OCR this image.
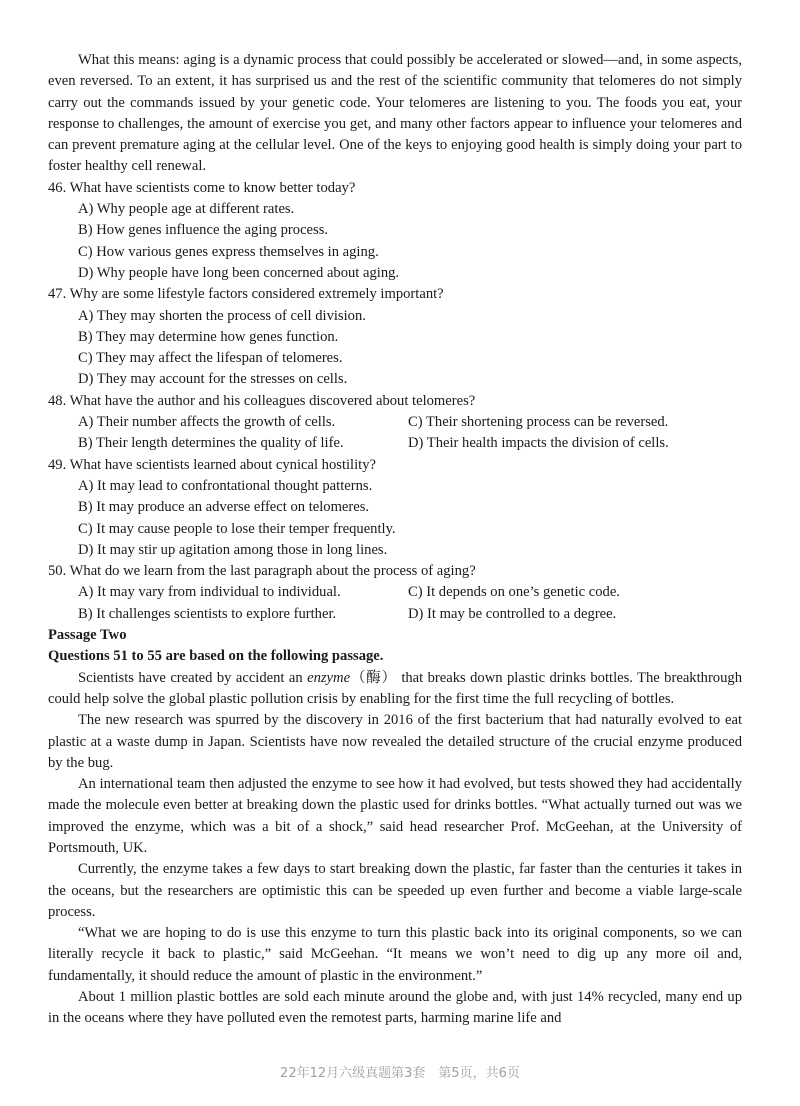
What this means: aging is a dynamic process that could possibly be accelerated or slowed—and, in some aspects, even reversed. To an extent, it has surprised us and the rest of the scientific community that telomeres do not simply carry out the commands issued by your genetic code. Your telomeres are listening to you. The foods you eat, your response to challenges, the amount of exercise you get, and many other factors appear to influence your telomeres and can prevent premature aging at the cellular level. One of the keys to enjoying good health is simply doing your part to foster healthy cell renewal.

46. What have scientists come to know better today?

A) Why people age at different rates.

B) How genes influence the aging process.

C) How various genes express themselves in aging.

D) Why people have long been concerned about aging.

47. Why are some lifestyle factors considered extremely important?

A) They may shorten the process of cell division.

B) They may determine how genes function.

C) They may affect the lifespan of telomeres.

D) They may account for the stresses on cells.

48. What have the author and his colleagues discovered about telomeres?

A) Their number affects the growth of cells.	C) Their shortening process can be reversed.
B) Their length determines the quality of life.	D) Their health impacts the division of cells.

49. What have scientists learned about cynical hostility?

A) It may lead to confrontational thought patterns.

B) It may produce an adverse effect on telomeres.

C) It may cause people to lose their temper frequently.

D) It may stir up agitation among those in long lines.

50. What do we learn from the last paragraph about the process of aging?

A) It may vary from individual to individual.	C) It depends on one’s genetic code.
B) It challenges scientists to explore further.	D) It may be controlled to a degree.

Passage Two

Questions 51 to 55 are based on the following passage.

Scientists have created by accident an enzyme（酶） that breaks down plastic drinks bottles. The breakthrough could help solve the global plastic pollution crisis by enabling for the first time the full recycling of bottles.

The new research was spurred by the discovery in 2016 of the first bacterium that had naturally evolved to eat plastic at a waste dump in Japan. Scientists have now revealed the detailed structure of the crucial enzyme produced by the bug.

An international team then adjusted the enzyme to see how it had evolved, but tests showed they had accidentally made the molecule even better at breaking down the plastic used for drinks bottles. “What actually turned out was we improved the enzyme, which was a bit of a shock,” said head researcher Prof. McGeehan, at the University of Portsmouth, UK.

Currently, the enzyme takes a few days to start breaking down the plastic, far faster than the centuries it takes in the oceans, but the researchers are optimistic this can be speeded up even further and become a viable large-scale process.

“What we are hoping to do is use this enzyme to turn this plastic back into its original components, so we can literally recycle it back to plastic,” said McGeehan. “It means we won’t need to dig up any more oil and, fundamentally, it should reduce the amount of plastic in the environment.”

About 1 million plastic bottles are sold each minute around the globe and, with just 14% recycled, many end up in the oceans where they have polluted even the remotest parts, harming marine life and

22年12月六级真题第3套　第5页，共6页
